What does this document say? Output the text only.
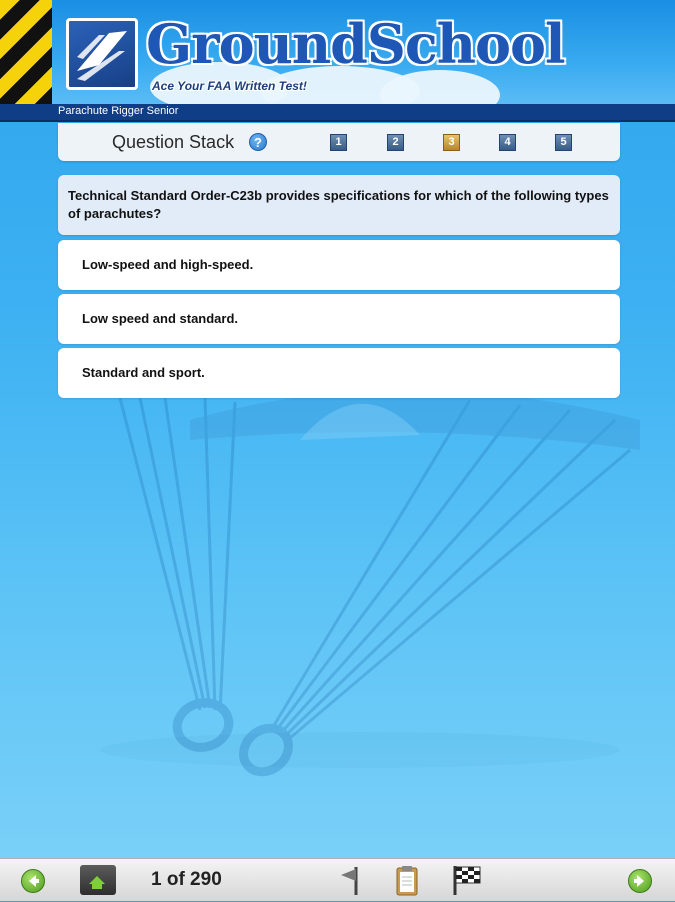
GroundSchool
Ace Your FAA Written Test!
Parachute Rigger Senior
Question Stack	?	1	2	3	4	5
Technical Standard Order-C23b provides specifications for which of the following types of parachutes?
Low-speed and high-speed.
Low speed and standard.
Standard and sport.
1 of 290
